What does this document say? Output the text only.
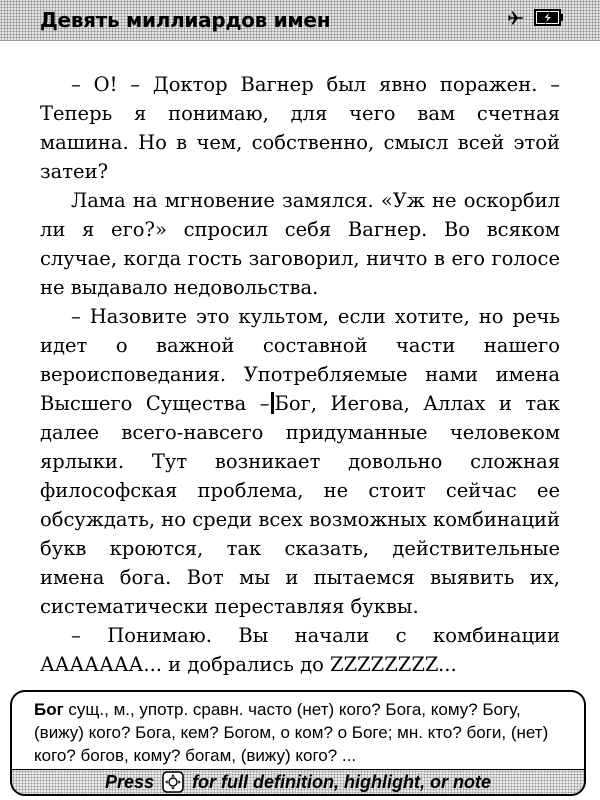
Девять миллиардов имен

– О! – Доктор Вагнер был явно поражен. – Теперь я понимаю, для чего вам счетная машина. Но в чем, собственно, смысл всей этой затеи?

Лама на мгновение замялся. «Уж не оскорбил ли я его?» спросил себя Вагнер. Во всяком случае, когда гость заговорил, ничто в его голосе не выдавало недовольства.

– Назовите это культом, если хотите, но речь идет о важной составной части нашего вероисповедания. Употребляемые нами имена Высшего Существа – Бог, Иегова, Аллах и так далее всего-навсего придуманные человеком ярлыки. Тут возникает довольно сложная философская проблема, не стоит сейчас ее обсуждать, но среди всех возможных комбинаций букв кроются, так сказать, действительные имена бога. Вот мы и пытаемся выявить их, систематически переставляя буквы.

– Понимаю. Вы начали с комбинации ААААААА... и добрались до ZZZZZZZZ...

Бог сущ., м., употр. сравн. часто (нет) кого? Бога, кому? Богу, (вижу) кого? Бога, кем? Богом, о ком? о Боге; мн. кто? боги, (нет) кого? богов, кому? богам, (вижу) кого? ...
Press for full definition, highlight, or note
